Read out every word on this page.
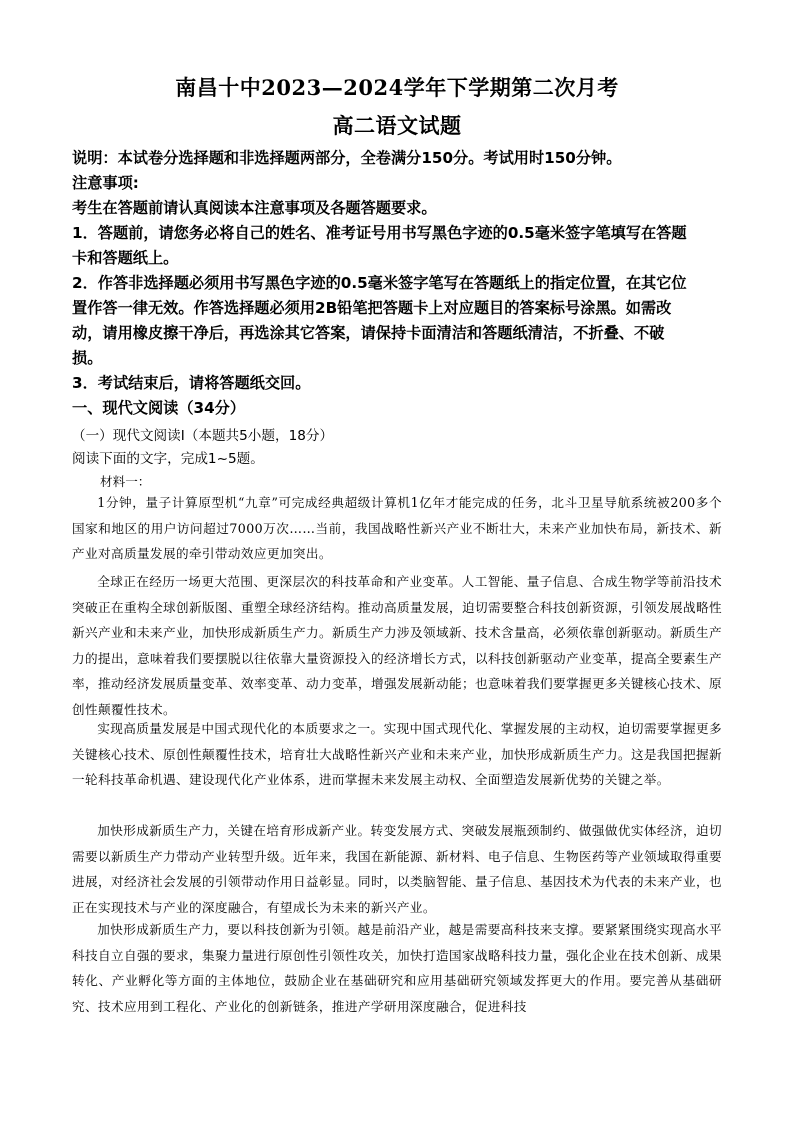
南昌十中2023—2024学年下学期第二次月考
高二语文试题
说明：本试卷分选择题和非选择题两部分，全卷满分150分。考试用时150分钟。
注意事项:
考生在答题前请认真阅读本注意事项及各题答题要求。
1．答题前，请您务必将自己的姓名、准考证号用书写黑色字迹的0.5毫米签字笔填写在答题
卡和答题纸上。
2．作答非选择题必须用书写黑色字迹的0.5毫米签字笔写在答题纸上的指定位置，在其它位
置作答一律无效。作答选择题必须用2B铅笔把答题卡上对应题目的答案标号涂黑。如需改
动，请用橡皮擦干净后，再选涂其它答案，请保持卡面清洁和答题纸清洁，不折叠、不破
损。
3．考试结束后，请将答题纸交回。
一、现代文阅读（34分）
（一）现代文阅读Ⅰ（本题共5小题，18分）
阅读下面的文字，完成1~5题。
材料一：
1分钟，量子计算原型机“九章”可完成经典超级计算机1亿年才能完成的任务，北斗卫星导航系统被200多个国家和地区的用户访问超过7000万次……当前，我国战略性新兴产业不断壮大，未来产业加快布局，新技术、新产业对高质量发展的牵引带动效应更加突出。
全球正在经历一场更大范围、更深层次的科技革命和产业变革。人工智能、量子信息、合成生物学等前沿技术突破正在重构全球创新版图、重塑全球经济结构。推动高质量发展，迫切需要整合科技创新资源，引领发展战略性新兴产业和未来产业，加快形成新质生产力。新质生产力涉及领域新、技术含量高，必须依靠创新驱动。新质生产力的提出，意味着我们要摆脱以往依靠大量资源投入的经济增长方式，以科技创新驱动产业变革，提高全要素生产率，推动经济发展质量变革、效率变革、动力变革，增强发展新动能；也意味着我们要掌握更多关键核心技术、原创性颠覆性技术。
实现高质量发展是中国式现代化的本质要求之一。实现中国式现代化、掌握发展的主动权，迫切需要掌握更多关键核心技术、原创性颠覆性技术，培育壮大战略性新兴产业和未来产业，加快形成新质生产力。这是我国把握新一轮科技革命机遇、建设现代化产业体系，进而掌握未来发展主动权、全面塑造发展新优势的关键之举。
加快形成新质生产力，关键在培育形成新产业。转变发展方式、突破发展瓶颈制约、做强做优实体经济，迫切需要以新质生产力带动产业转型升级。近年来，我国在新能源、新材料、电子信息、生物医药等产业领域取得重要进展，对经济社会发展的引领带动作用日益彰显。同时，以类脑智能、量子信息、基因技术为代表的未来产业，也正在实现技术与产业的深度融合，有望成长为未来的新兴产业。
加快形成新质生产力，要以科技创新为引领。越是前沿产业，越是需要高科技来支撑。要紧紧围绕实现高水平科技自立自强的要求，集聚力量进行原创性引领性攻关，加快打造国家战略科技力量，强化企业在技术创新、成果转化、产业孵化等方面的主体地位，鼓励企业在基础研究和应用基础研究领域发挥更大的作用。要完善从基础研究、技术应用到工程化、产业化的创新链条，推进产学研用深度融合，促进科技
